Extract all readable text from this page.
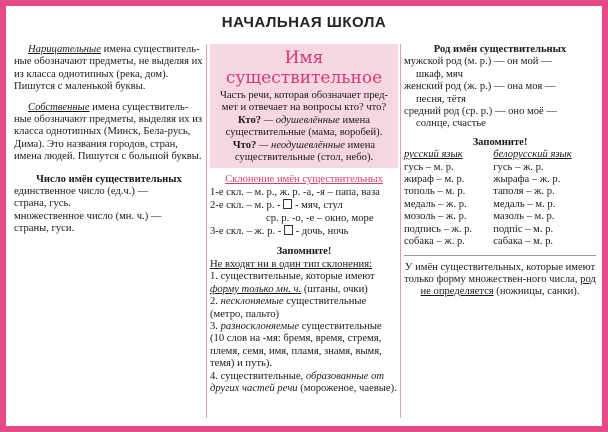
НАЧАЛЬНАЯ ШКОЛА

Нарицательные имена существитель-ные обозначают предметы, не выделяя их из класса однотипных (река, дом). Пишутся с маленькой буквы.

Собственные имена существитель-ные обозначают предметы, выделяя их из класса однотипных (Минск, Бела-русь, Дима). Это названия городов, стран, имена людей. Пишутся с большой буквы.

Число имён существительных
единственное число (ед.ч.) —
страна, гусь.
множественное число (мн. ч.) —
страны, гуси.
Имя существительное
Часть речи, которая обозначает пред-
мет и отвечает на вопросы кто? что?
Кто? — одушевлённые имена существительные (мама, воробей).
Что? — неодушевлённые имена существительные (стол, небо).
Склонение имён существительных
1-е скл. – м. р., ж. р. -а, -я – папа, ваза
2-е скл. – м. р. -  - мяч, стул
ср. р. -о, -е – окно, море
3-е скл. – ж. р. -  - дочь, ночь
Запомните!
Не входят ни в один тип склонения:
1. существительные, которые имеют форму только мн. ч. (штаны, очки)
2. несклоняемые существительные (метро, пальто)
3. разносклоняемые существительные (10 слов на -мя: бремя, время, стремя, племя, семя, имя, пламя, знамя, вымя, темя) и путь).
4. существительные, образованные от других частей речи (мороженое, чаевые).
Род имён существительных
мужской род (м. р.) — он мой —
шкаф, мяч
женский род (ж. р.) — она моя —
песня, тётя
средний род (ср. р.) — оно моё —
солнце, счастье
Запомните!
русский язык	белорусский язык
гусь – м. р.	гусь – ж. р.
жираф – м. р.	жырафа – ж. р.
тополь – м. р.	таполя – ж. р.
медаль – ж. р.	медаль – м. р.
мозоль – ж. р.	мазоль – м. р.
подпись – ж. р.	подпіс – м. р.
собака – ж. р.	сабака – м. р.
У имён существительных, которые имеют только форму множествен-ного числа, род не определяется (ножницы, санки).
